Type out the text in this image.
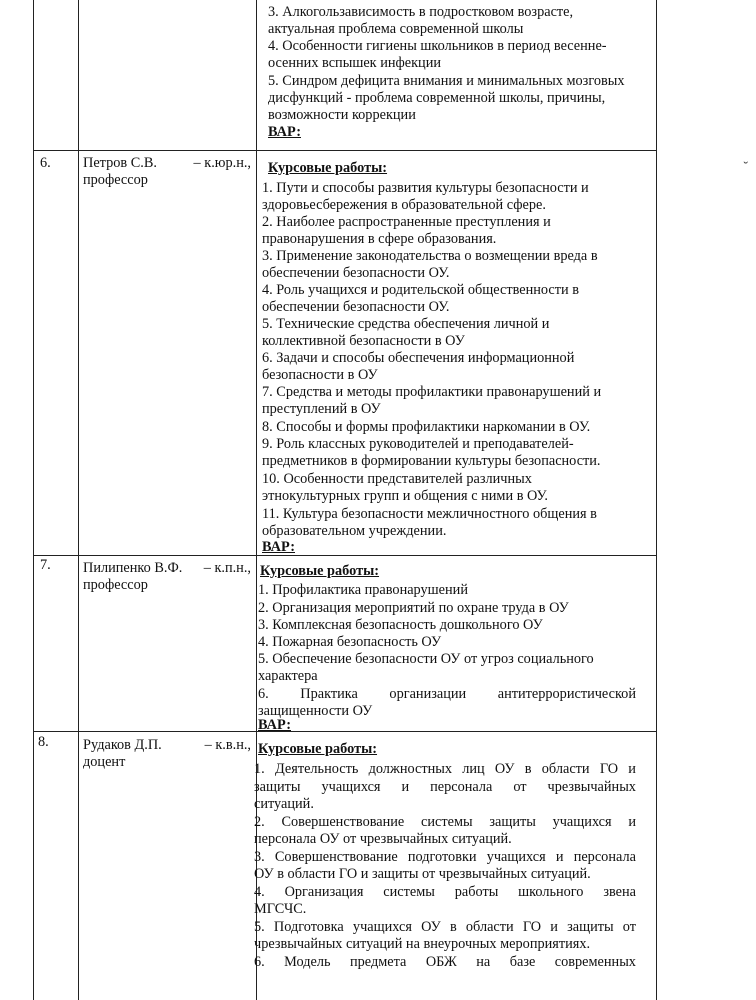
3. Алкогользависимость в подростковом возрасте,
актуальная проблема современной школы
4. Особенности гигиены школьников в период весенне-
осенних вспышек инфекции
5. Синдром дефицита внимания и минимальных мозговых
дисфункций - проблема современной школы, причины,
возможности коррекции
ВАР:
6. Петров С.В.	– к.юр.н.,
профессор
Курсовые работы:
1. Пути и способы развития культуры безопасности и
здоровьесбережения в образовательной сфере.
2. Наиболее распространенные преступления и
правонарушения в сфере образования.
3. Применение законодательства о возмещении вреда в
обеспечении безопасности ОУ.
4. Роль учащихся и родительской общественности в
обеспечении безопасности ОУ.
5. Технические средства обеспечения личной и
коллективной безопасности в ОУ
6. Задачи и способы обеспечения информационной
безопасности в ОУ
7. Средства и методы профилактики правонарушений и
преступлений в ОУ
8. Способы и формы профилактики наркомании в ОУ.
9. Роль классных руководителей и преподавателей-
предметников в формировании культуры безопасности.
10. Особенности представителей различных
этнокультурных групп и общения с ними в ОУ.
11. Культура безопасности межличностного общения в
образовательном учреждении.
ВАР:
7. Пилипенко В.Ф. – к.п.н.,
профессор
Курсовые работы:
1. Профилактика правонарушений
2. Организация мероприятий по охране труда в ОУ
3. Комплексная безопасность дошкольного ОУ
4. Пожарная безопасность ОУ
5. Обеспечение безопасности ОУ от угроз социального
характера
6. Практика организации антитеррористической
защищенности ОУ
ВАР:
8. Рудаков Д.П.	– к.в.н.,
доцент
Курсовые работы:
1. Деятельность должностных лиц ОУ в области ГО и
защиты учащихся и персонала от чрезвычайных
ситуаций.
2. Совершенствование системы защиты учащихся и
персонала ОУ от чрезвычайных ситуаций.
3. Совершенствование подготовки учащихся и персонала
ОУ в области ГО и защиты от чрезвычайных ситуаций.
4. Организация системы работы школьного звена
МГСЧС.
5. Подготовка учащихся ОУ в области ГО и защиты от
чрезвычайных ситуаций на внеурочных мероприятиях.
6. Модель предмета ОБЖ на базе современных
˘
